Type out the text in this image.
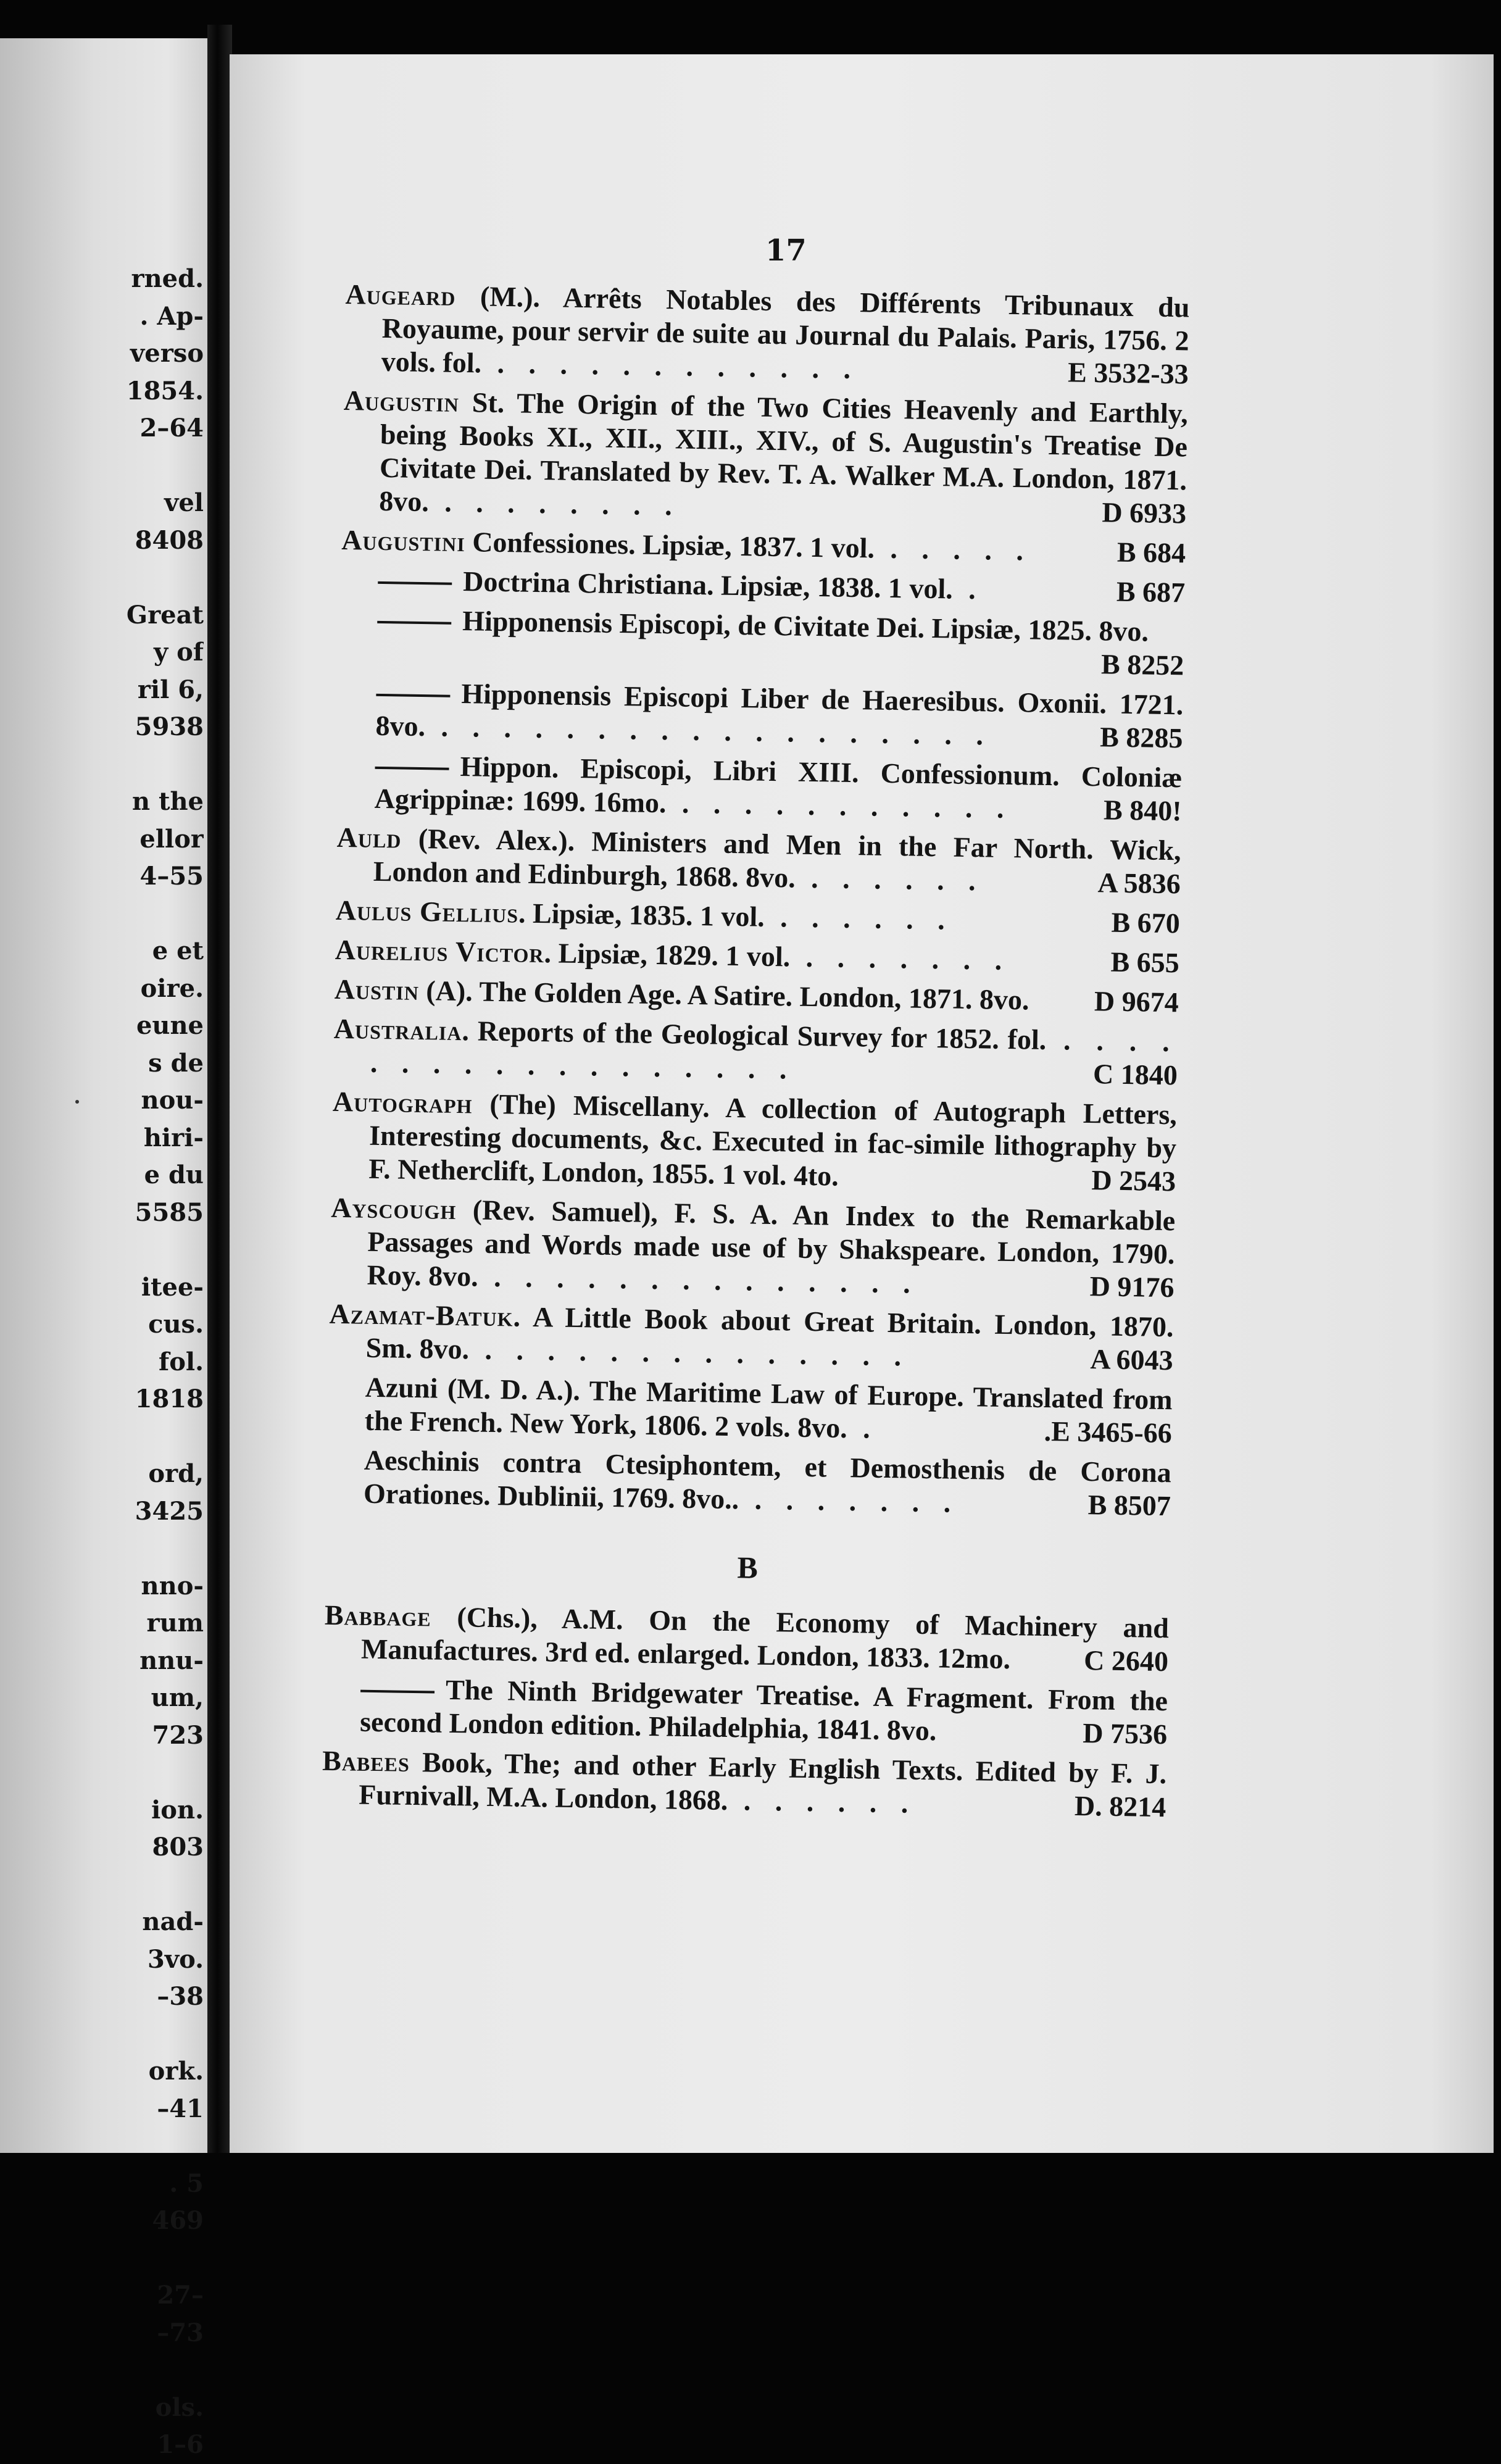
rned.
. Ap-
verso
1854.
2–64
vel
8408
Great
y of
ril 6,
5938
n the
ellor
4–55
e et
oire.
eune
s de
nou-
hiri-
e du
5585
itee-
cus.
fol.
1818
ord,
3425
nno-
rum
nnu-
um,
723
ion.
803
nad-
3vo.
–38
ork.
–41
. 5
469
27–
–73
ols.
1–6
17
Augeard (M.). Arrêts Notables des Différents Tribunaux du Royaume, pour servir de suite au Journal du Palais. Paris, 1756. 2 vols. fol. . . . . . . . . . . . .	E 3532-33
Augustin St. The Origin of the Two Cities Heavenly and Earthly, being Books XI., XII., XIII., XIV., of S. Augustin's Treatise De Civitate Dei. Translated by Rev. T. A. Walker M.A. London, 1871. 8vo. . . . . . . . .	D 6933
Augustini Confessiones. Lipsiæ, 1837. 1 vol. . . . . .	B 684
Doctrina Christiana. Lipsiæ, 1838. 1 vol. .	B 687
Hipponensis Episcopi, de Civitate Dei. Lipsiæ, 1825. 8vo.
B 8252
Hipponensis Episcopi Liber de Haeresibus. Oxonii. 1721. 8vo. . . . . . . . . . . . . . . . . . .	B 8285
Hippon. Episcopi, Libri XIII. Confessionum. Coloniæ Agrippinæ: 1699. 16mo. . . . . . . . . . . .	B 840!
Auld (Rev. Alex.). Ministers and Men in the Far North. Wick, London and Edinburgh, 1868. 8vo. . . . . . .	A 5836
Aulus Gellius. Lipsiæ, 1835. 1 vol. . . . . . .	B 670
Aurelius Victor. Lipsiæ, 1829. 1 vol. . . . . . . .	B 655
Austin (A). The Golden Age. A Satire. London, 1871. 8vo. D 9674
Australia. Reports of the Geological Survey for 1852. fol. . . . . . . . . . . . . . . . . . .	C 1840
Autograph (The) Miscellany. A collection of Autograph Letters, Interesting documents, &c. Executed in fac-simile lithography by F. Netherclift, London, 1855. 1 vol. 4to.	D 2543
Ayscough (Rev. Samuel), F. S. A. An Index to the Remarkable Passages and Words made use of by Shakspeare. London, 1790. Roy. 8vo. . . . . . . . . . . . . . .	D 9176
Azamat-Batuk. A Little Book about Great Britain. London, 1870. Sm. 8vo. . . . . . . . . . . . . . .	A 6043
Azuni (M. D. A.). The Maritime Law of Europe. Translated from the French. New York, 1806. 2 vols. 8vo. .	.E 3465-66
Aeschinis contra Ctesiphontem, et Demosthenis de Corona Orationes. Dublinii, 1769. 8vo.. . . . . . . .	B 8507
B
Babbage (Chs.), A.M. On the Economy of Machinery and Manufactures. 3rd ed. enlarged. London, 1833. 12mo.	C 2640
The Ninth Bridgewater Treatise. A Fragment. From the second London edition. Philadelphia, 1841. 8vo.	D 7536
Babees Book, The; and other Early English Texts. Edited by F. J. Furnivall, M.A. London, 1868. . . . . . .	D. 8214
